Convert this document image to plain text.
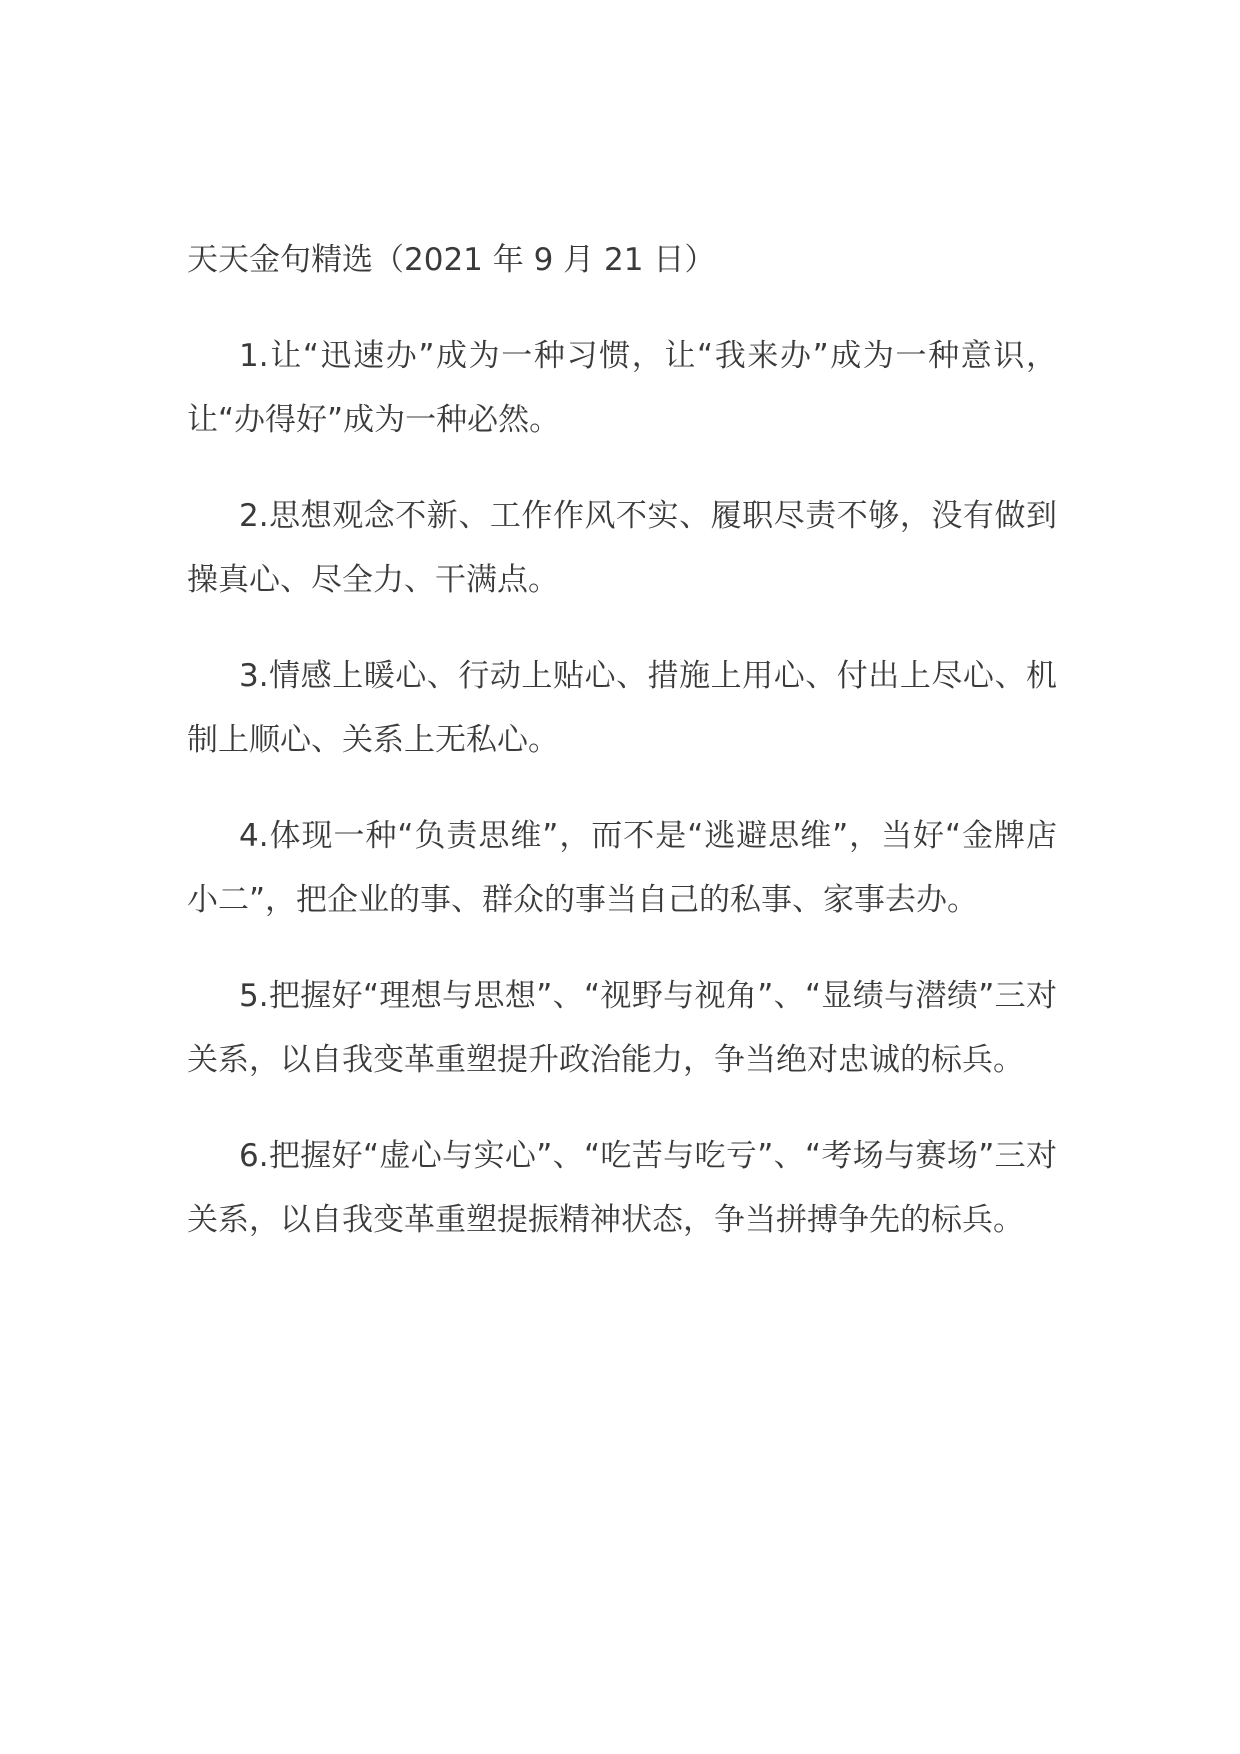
天天金句精选（2021 年 9 月 21 日）

1.让“迅速办”成为一种习惯，让“我来办”成为一种意识，让“办得好”成为一种必然。

2.思想观念不新、工作作风不实、履职尽责不够，没有做到操真心、尽全力、干满点。

3.情感上暖心、行动上贴心、措施上用心、付出上尽心、机制上顺心、关系上无私心。

4.体现一种“负责思维”，而不是“逃避思维”，当好“金牌店小二”，把企业的事、群众的事当自己的私事、家事去办。

5.把握好“理想与思想”、“视野与视角”、“显绩与潜绩”三对关系，以自我变革重塑提升政治能力，争当绝对忠诚的标兵。

6.把握好“虚心与实心”、“吃苦与吃亏”、“考场与赛场”三对关系，以自我变革重塑提振精神状态，争当拼搏争先的标兵。
